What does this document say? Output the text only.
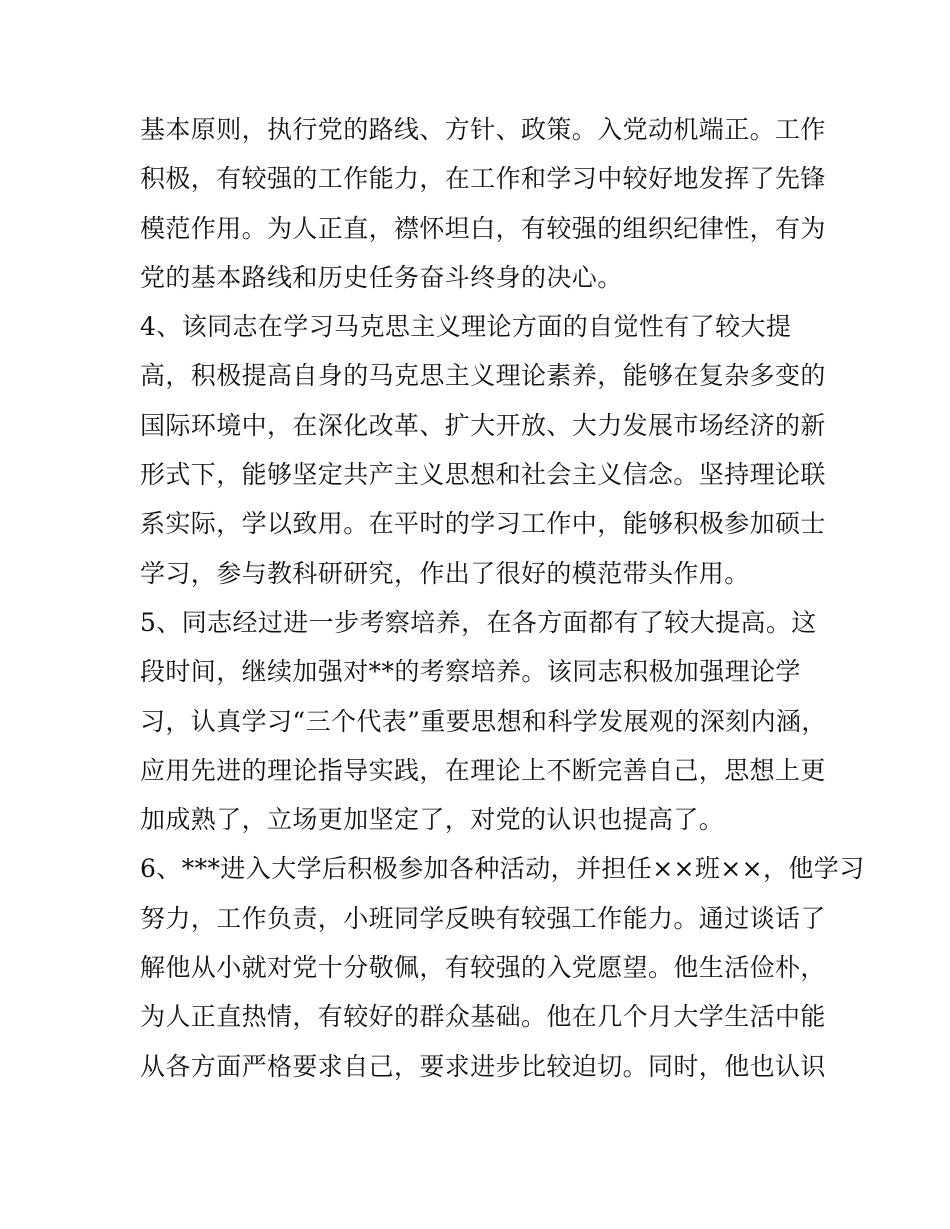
基本原则，执行党的路线、方针、政策。入党动机端正。工作
积极，有较强的工作能力，在工作和学习中较好地发挥了先锋
模范作用。为人正直，襟怀坦白，有较强的组织纪律性，有为
党的基本路线和历史任务奋斗终身的决心。
4、该同志在学习马克思主义理论方面的自觉性有了较大提
高，积极提高自身的马克思主义理论素养，能够在复杂多变的
国际环境中，在深化改革、扩大开放、大力发展市场经济的新
形式下，能够坚定共产主义思想和社会主义信念。坚持理论联
系实际，学以致用。在平时的学习工作中，能够积极参加硕士
学习，参与教科研研究，作出了很好的模范带头作用。
5、同志经过进一步考察培养，在各方面都有了较大提高。这
段时间，继续加强对**的考察培养。该同志积极加强理论学
习，认真学习“三个代表”重要思想和科学发展观的深刻内涵，
应用先进的理论指导实践，在理论上不断完善自己，思想上更
加成熟了，立场更加坚定了，对党的认识也提高了。
6、***进入大学后积极参加各种活动，并担任××班××，他学习
努力，工作负责，小班同学反映有较强工作能力。通过谈话了
解他从小就对党十分敬佩，有较强的入党愿望。他生活俭朴，
为人正直热情，有较好的群众基础。他在几个月大学生活中能
从各方面严格要求自己，要求进步比较迫切。同时，他也认识
